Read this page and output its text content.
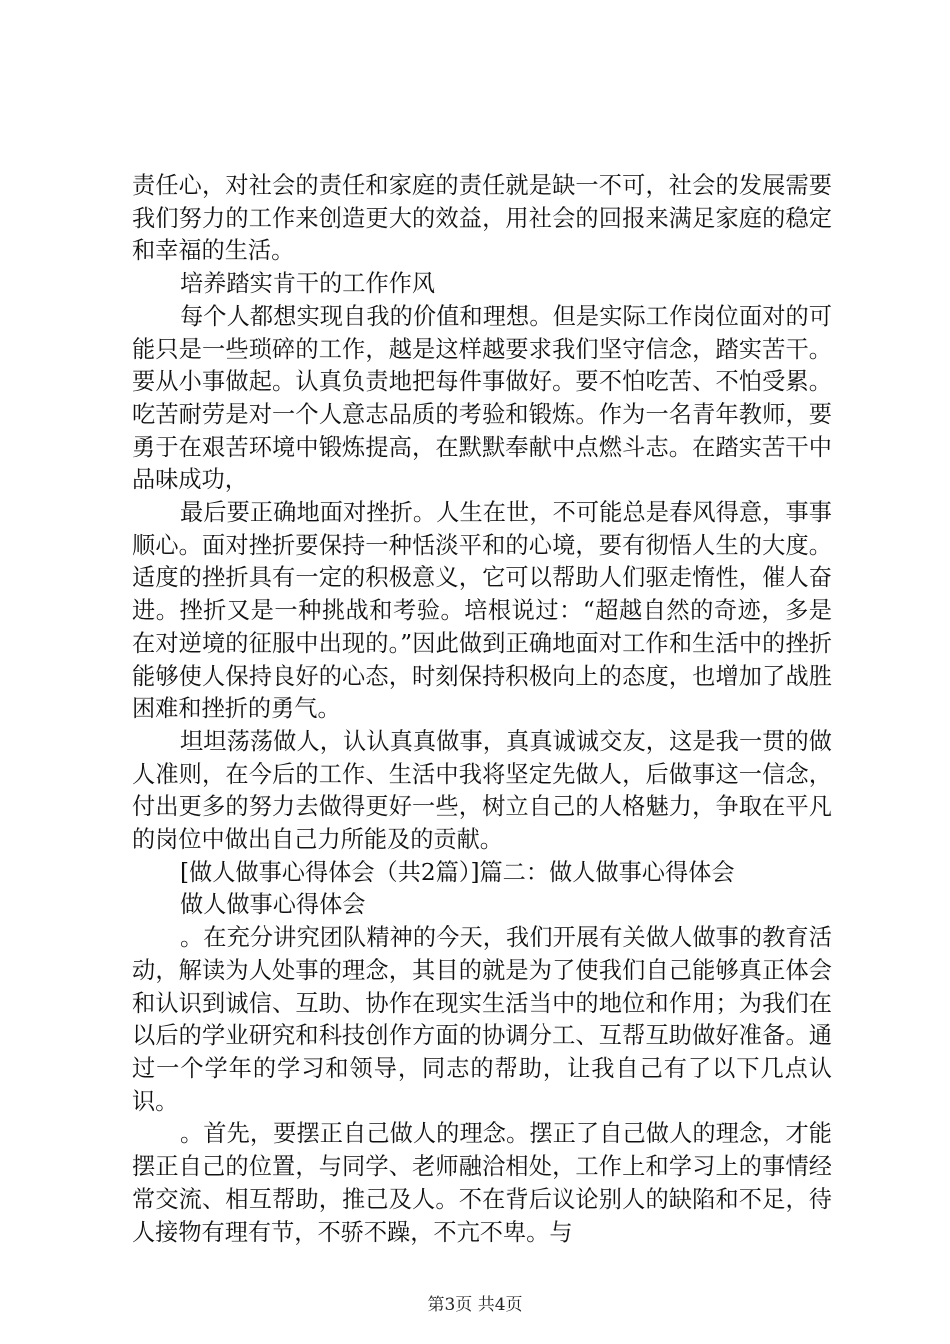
责任心，对社会的责任和家庭的责任就是缺一不可，社会的发展需要我们努力的工作来创造更大的效益，用社会的回报来满足家庭的稳定和幸福的生活。

培养踏实肯干的工作作风

每个人都想实现自我的价值和理想。但是实际工作岗位面对的可能只是一些琐碎的工作，越是这样越要求我们坚守信念，踏实苦干。要从小事做起。认真负责地把每件事做好。要不怕吃苦、不怕受累。吃苦耐劳是对一个人意志品质的考验和锻炼。作为一名青年教师，要勇于在艰苦环境中锻炼提高，在默默奉献中点燃斗志。在踏实苦干中品味成功，

最后要正确地面对挫折。人生在世，不可能总是春风得意，事事顺心。面对挫折要保持一种恬淡平和的心境，要有彻悟人生的大度。适度的挫折具有一定的积极意义，它可以帮助人们驱走惰性，催人奋进。挫折又是一种挑战和考验。培根说过：“超越自然的奇迹，多是在对逆境的征服中出现的。”因此做到正确地面对工作和生活中的挫折能够使人保持良好的心态，时刻保持积极向上的态度，也增加了战胜困难和挫折的勇气。

坦坦荡荡做人，认认真真做事，真真诚诚交友，这是我一贯的做人准则，在今后的工作、生活中我将坚定先做人，后做事这一信念，付出更多的努力去做得更好一些，树立自己的人格魅力，争取在平凡的岗位中做出自己力所能及的贡献。

[做人做事心得体会（共2篇）]篇二：做人做事心得体会

做人做事心得体会

。在充分讲究团队精神的今天，我们开展有关做人做事的教育活动，解读为人处事的理念，其目的就是为了使我们自己能够真正体会和认识到诚信、互助、协作在现实生活当中的地位和作用；为我们在以后的学业研究和科技创作方面的协调分工、互帮互助做好准备。通过一个学年的学习和领导，同志的帮助，让我自己有了以下几点认识。

。首先，要摆正自己做人的理念。摆正了自己做人的理念，才能摆正自己的位置，与同学、老师融洽相处，工作上和学习上的事情经常交流、相互帮助，推己及人。不在背后议论别人的缺陷和不足，待人接物有理有节，不骄不躁，不亢不卑。与

第3页 共4页
